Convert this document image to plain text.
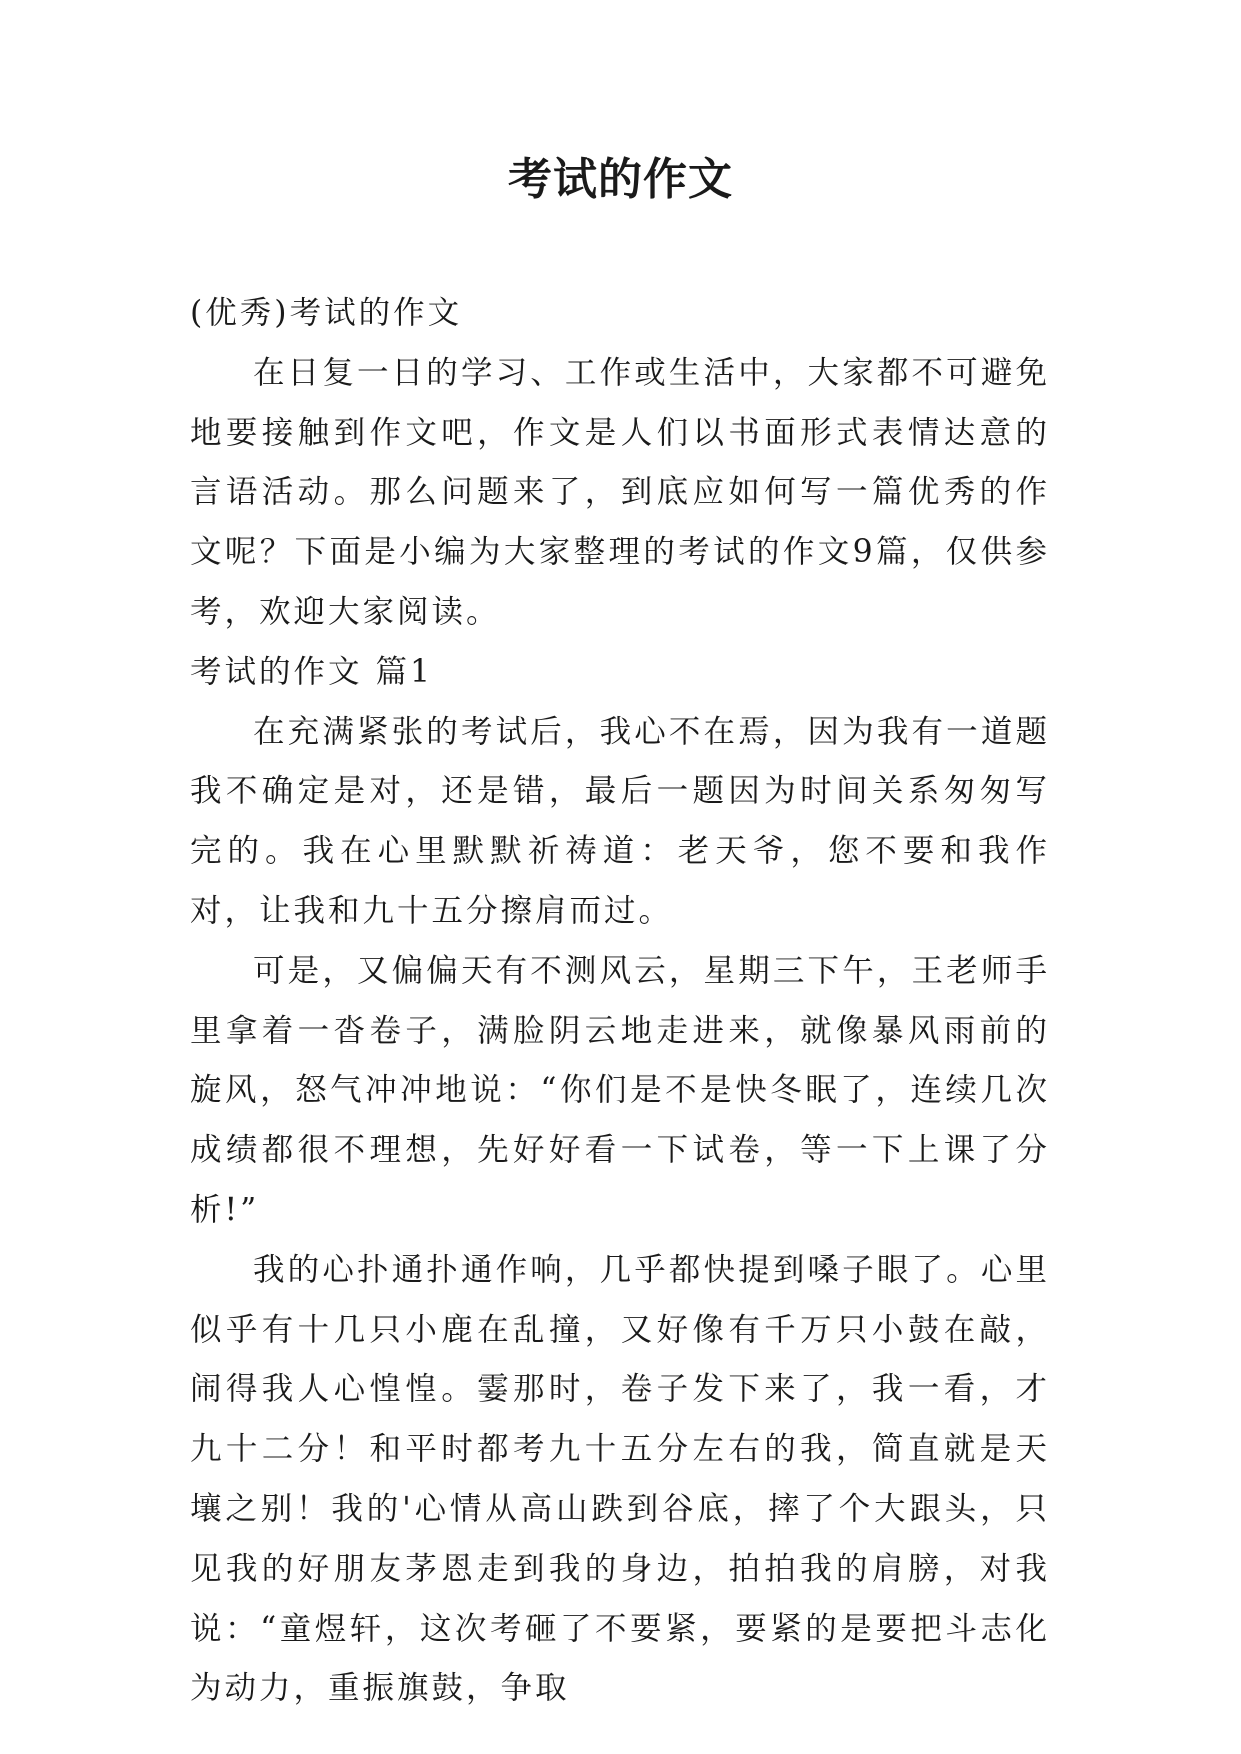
考试的作文

(优秀)考试的作文

在日复一日的学习、工作或生活中，大家都不可避免地要接触到作文吧，作文是人们以书面形式表情达意的言语活动。那么问题来了，到底应如何写一篇优秀的作文呢？下面是小编为大家整理的考试的作文9篇，仅供参考，欢迎大家阅读。

考试的作文 篇1

在充满紧张的考试后，我心不在焉，因为我有一道题我不确定是对，还是错，最后一题因为时间关系匆匆写完的。我在心里默默祈祷道：老天爷，您不要和我作对，让我和九十五分擦肩而过。

可是，又偏偏天有不测风云，星期三下午，王老师手里拿着一沓卷子，满脸阴云地走进来，就像暴风雨前的旋风，怒气冲冲地说：“你们是不是快冬眠了，连续几次成绩都很不理想，先好好看一下试卷，等一下上课了分析!”

我的心扑通扑通作响，几乎都快提到嗓子眼了。心里似乎有十几只小鹿在乱撞，又好像有千万只小鼓在敲，闹得我人心惶惶。霎那时，卷子发下来了，我一看，才九十二分！和平时都考九十五分左右的我，简直就是天壤之别！我的'心情从高山跌到谷底，摔了个大跟头，只见我的好朋友茅恩走到我的身边，拍拍我的肩膀，对我说：“童煜轩，这次考砸了不要紧，要紧的是要把斗志化为动力，重振旗鼓，争取
